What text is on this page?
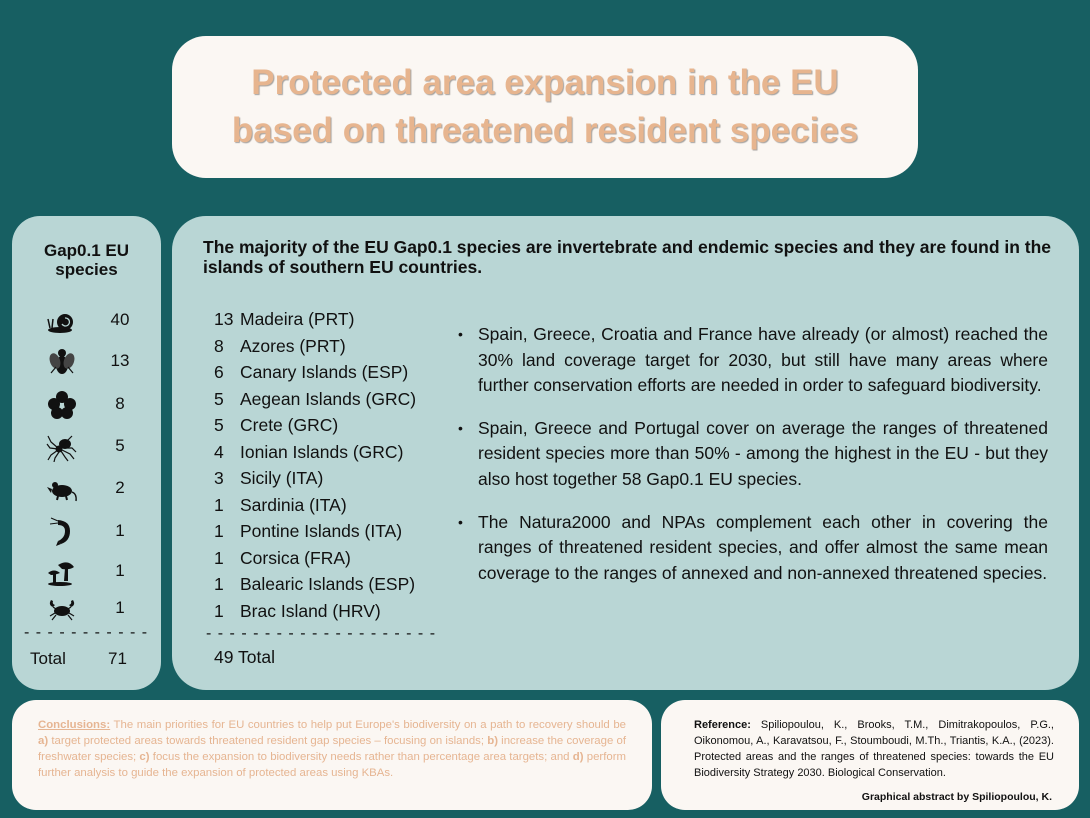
Protected area expansion in the EU
based on threatened resident species
Gap0.1 EU
species
40
13
8
5
2
1
1
1
- - - - - - - - - - -
Total 71
The majority of the EU Gap0.1 species are invertebrate and endemic species and they are found in the islands of southern EU countries.
13 Madeira (PRT)
8 Azores (PRT)
6 Canary Islands (ESP)
5 Aegean Islands (GRC)
5 Crete (GRC)
4 Ionian Islands (GRC)
3 Sicily (ITA)
1 Sardinia (ITA)
1 Pontine Islands (ITA)
1 Corsica (FRA)
1 Balearic Islands (ESP)
1 Brac Island (HRV)
- - - - - - - - - - - - - - - - - - - -
49 Total
• Spain, Greece, Croatia and France have already (or almost) reached the 30% land coverage target for 2030, but still have many areas where further conservation efforts are needed in order to safeguard biodiversity.
• Spain, Greece and Portugal cover on average the ranges of threatened resident species more than 50% - among the highest in the EU - but they also host together 58 Gap0.1 EU species.
• The Natura2000 and NPAs complement each other in covering the ranges of threatened resident species, and offer almost the same mean coverage to the ranges of annexed and non-annexed threatened species.
Conclusions: The main priorities for EU countries to help put Europe's biodiversity on a path to recovery should be a) target protected areas towards threatened resident gap species – focusing on islands; b) increase the coverage of freshwater species; c) focus the expansion to biodiversity needs rather than percentage area targets; and d) perform further analysis to guide the expansion of protected areas using KBAs.
Reference: Spiliopoulou, K., Brooks, T.M., Dimitrakopoulos, P.G., Oikonomou, A., Karavatsou, F., Stoumboudi, M.Th., Triantis, K.A., (2023). Protected areas and the ranges of threatened species: towards the EU Biodiversity Strategy 2030. Biological Conservation.
Graphical abstract by Spiliopoulou, K.
